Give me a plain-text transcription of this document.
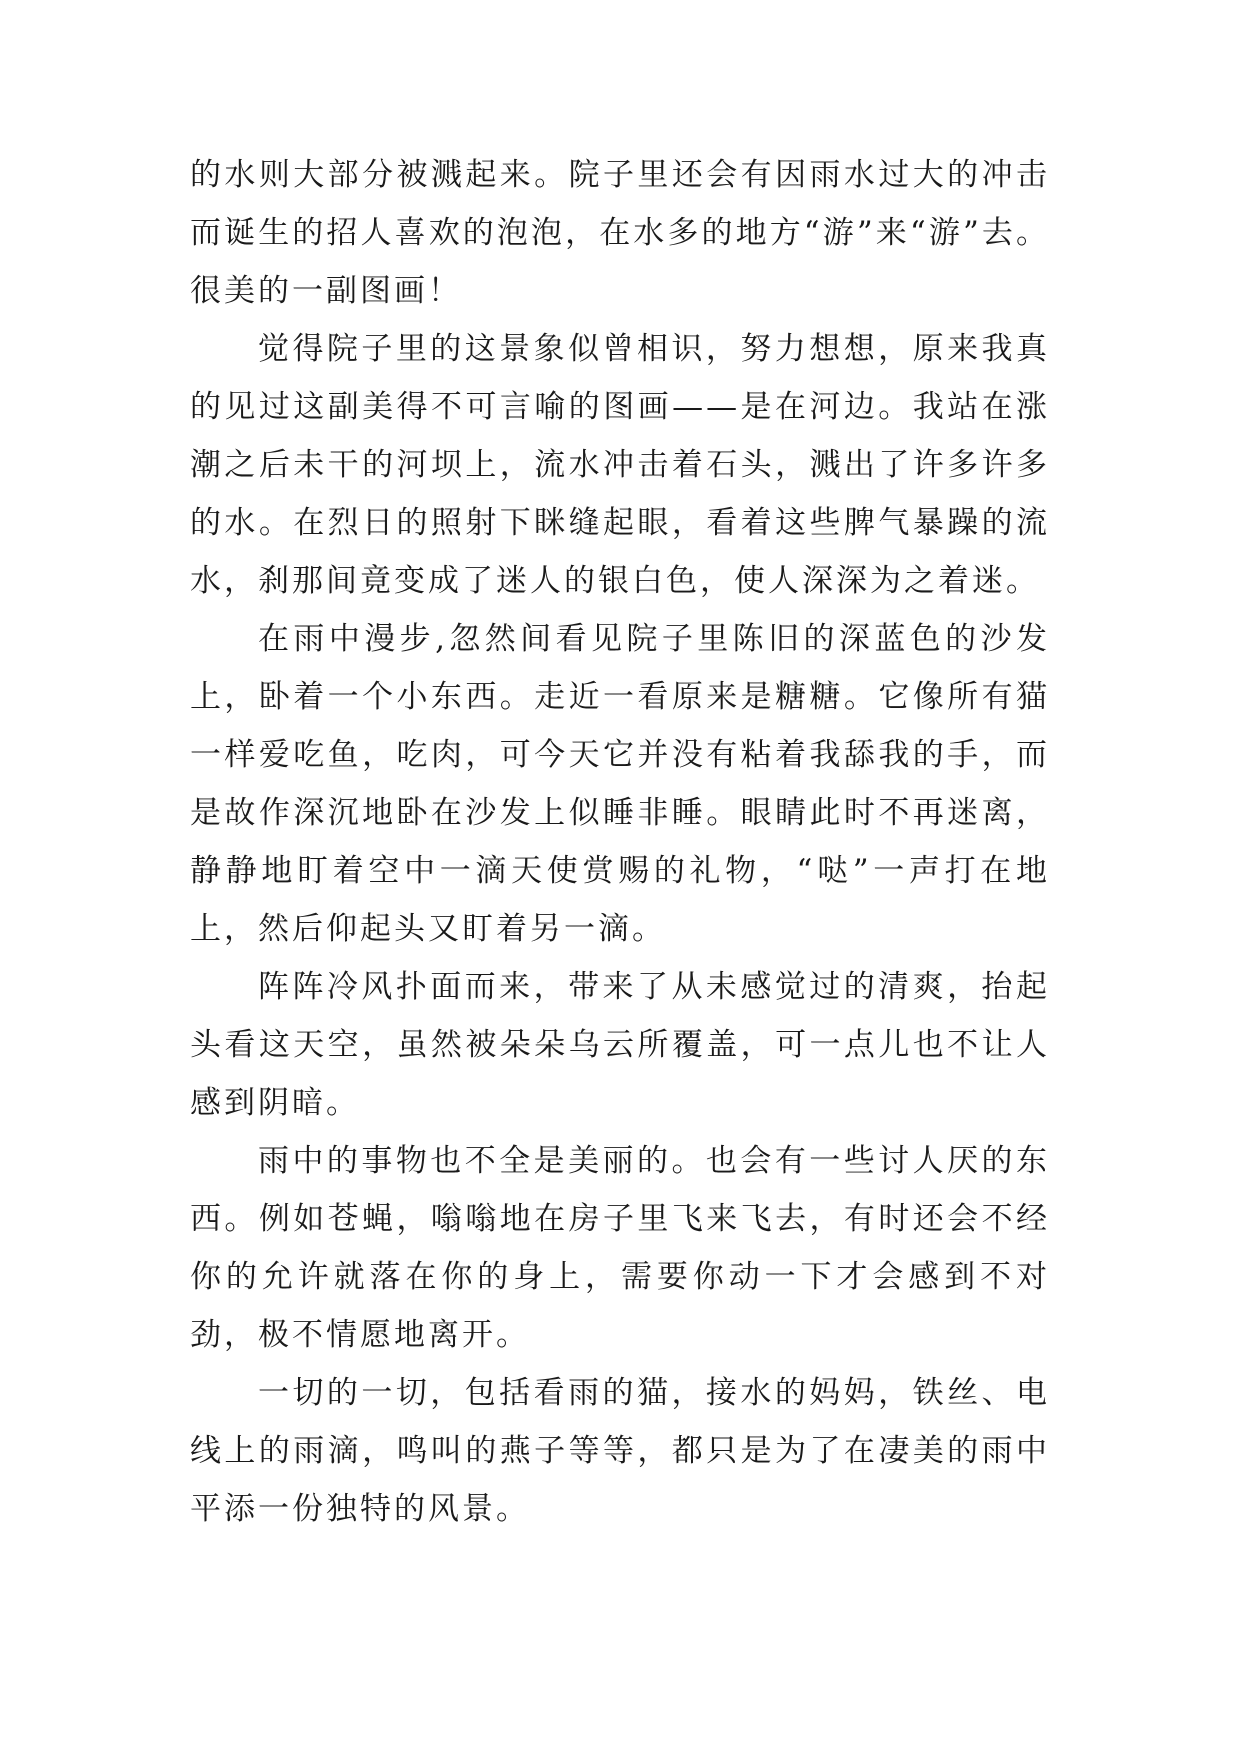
的水则大部分被溅起来。院子里还会有因雨水过大的冲击而诞生的招人喜欢的泡泡，在水多的地方“游”来“游”去。很美的一副图画！

觉得院子里的这景象似曾相识，努力想想，原来我真的见过这副美得不可言喻的图画——是在河边。我站在涨潮之后未干的河坝上，流水冲击着石头，溅出了许多许多的水。在烈日的照射下眯缝起眼，看着这些脾气暴躁的流水，刹那间竟变成了迷人的银白色，使人深深为之着迷。

在雨中漫步,忽然间看见院子里陈旧的深蓝色的沙发上，卧着一个小东西。走近一看原来是糖糖。它像所有猫一样爱吃鱼，吃肉，可今天它并没有粘着我舔我的手，而是故作深沉地卧在沙发上似睡非睡。眼睛此时不再迷离，静静地盯着空中一滴天使赏赐的礼物，“哒”一声打在地上，然后仰起头又盯着另一滴。

阵阵冷风扑面而来，带来了从未感觉过的清爽，抬起头看这天空，虽然被朵朵乌云所覆盖，可一点儿也不让人感到阴暗。

雨中的事物也不全是美丽的。也会有一些讨人厌的东西。例如苍蝇，嗡嗡地在房子里飞来飞去，有时还会不经你的允许就落在你的身上，需要你动一下才会感到不对劲，极不情愿地离开。

一切的一切，包括看雨的猫，接水的妈妈，铁丝、电线上的雨滴，鸣叫的燕子等等，都只是为了在凄美的雨中平添一份独特的风景。
